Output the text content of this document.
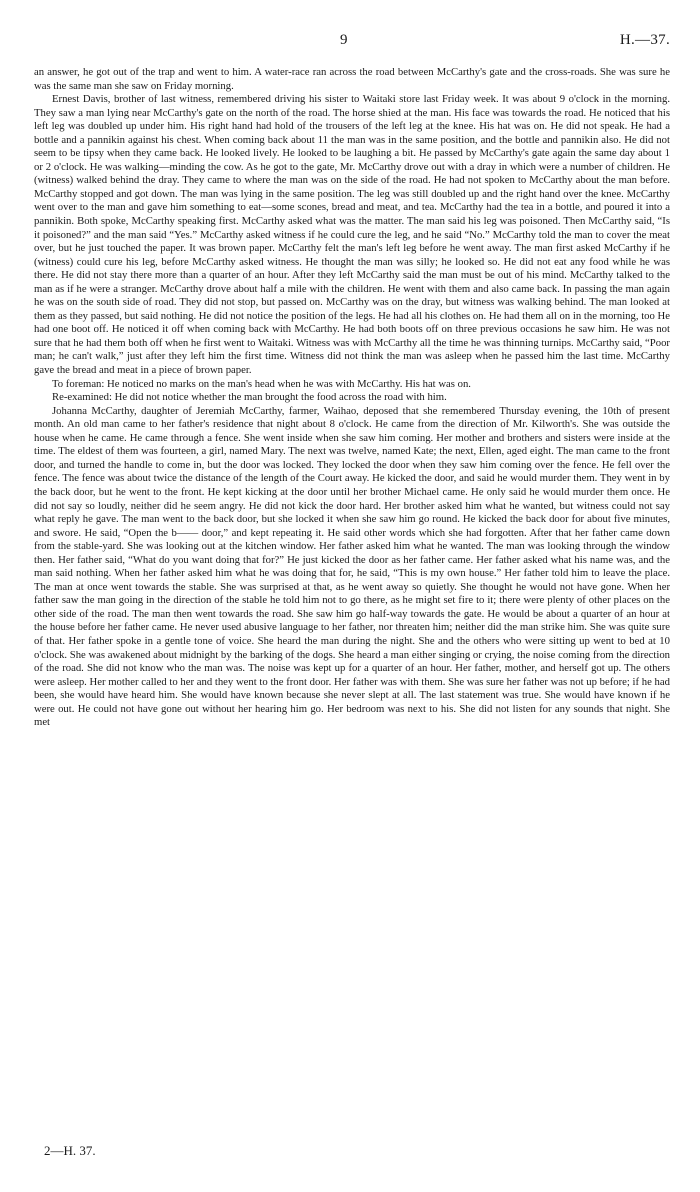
9	H.—37.

an answer, he got out of the trap and went to him. A water-race ran across the road between McCarthy's gate and the cross-roads. She was sure he was the same man she saw on Friday morning.

Ernest Davis, brother of last witness, remembered driving his sister to Waitaki store last Friday week. It was about 9 o'clock in the morning. They saw a man lying near McCarthy's gate on the north of the road. The horse shied at the man. His face was towards the road. He noticed that his left leg was doubled up under him. His right hand had hold of the trousers of the left leg at the knee. His hat was on. He did not speak. He had a bottle and a pannikin against his chest. When coming back about 11 the man was in the same position, and the bottle and pannikin also. He did not seem to be tipsy when they came back. He looked lively. He looked to be laughing a bit. He passed by McCarthy's gate again the same day about 1 or 2 o'clock. He was walking—minding the cow. As he got to the gate, Mr. McCarthy drove out with a dray in which were a number of children. He (witness) walked behind the dray. They came to where the man was on the side of the road. He had not spoken to McCarthy about the man before. McCarthy stopped and got down. The man was lying in the same position. The leg was still doubled up and the right hand over the knee. McCarthy went over to the man and gave him something to eat—some scones, bread and meat, and tea. McCarthy had the tea in a bottle, and poured it into a pannikin. Both spoke, McCarthy speaking first. McCarthy asked what was the matter. The man said his leg was poisoned. Then McCarthy said, “Is it poisoned?” and the man said “Yes.” McCarthy asked witness if he could cure the leg, and he said “No.” McCarthy told the man to cover the meat over, but he just touched the paper. It was brown paper. McCarthy felt the man's left leg before he went away. The man first asked McCarthy if he (witness) could cure his leg, before McCarthy asked witness. He thought the man was silly; he looked so. He did not eat any food while he was there. He did not stay there more than a quarter of an hour. After they left McCarthy said the man must be out of his mind. McCarthy talked to the man as if he were a stranger. McCarthy drove about half a mile with the children. He went with them and also came back. In passing the man again he was on the south side of road. They did not stop, but passed on. McCarthy was on the dray, but witness was walking behind. The man looked at them as they passed, but said nothing. He did not notice the position of the legs. He had all his clothes on. He had them all on in the morning, too He had one boot off. He noticed it off when coming back with McCarthy. He had both boots off on three previous occasions he saw him. He was not sure that he had them both off when he first went to Waitaki. Witness was with McCarthy all the time he was thinning turnips. McCarthy said, “Poor man; he can't walk,” just after they left him the first time. Witness did not think the man was asleep when he passed him the last time. McCarthy gave the bread and meat in a piece of brown paper.

To foreman: He noticed no marks on the man's head when he was with McCarthy. His hat was on.

Re-examined: He did not notice whether the man brought the food across the road with him.

Johanna McCarthy, daughter of Jeremiah McCarthy, farmer, Waihao, deposed that she remembered Thursday evening, the 10th of present month. An old man came to her father's residence that night about 8 o'clock. He came from the direction of Mr. Kilworth's. She was outside the house when he came. He came through a fence. She went inside when she saw him coming. Her mother and brothers and sisters were inside at the time. The eldest of them was fourteen, a girl, named Mary. The next was twelve, named Kate; the next, Ellen, aged eight. The man came to the front door, and turned the handle to come in, but the door was locked. They locked the door when they saw him coming over the fence. He fell over the fence. The fence was about twice the distance of the length of the Court away. He kicked the door, and said he would murder them. They went in by the back door, but he went to the front. He kept kicking at the door until her brother Michael came. He only said he would murder them once. He did not say so loudly, neither did he seem angry. He did not kick the door hard. Her brother asked him what he wanted, but witness could not say what reply he gave. The man went to the back door, but she locked it when she saw him go round. He kicked the back door for about five minutes, and swore. He said, “Open the b—— door,” and kept repeating it. He said other words which she had forgotten. After that her father came down from the stable-yard. She was looking out at the kitchen window. Her father asked him what he wanted. The man was looking through the window then. Her father said, “What do you want doing that for?” He just kicked the door as her father came. Her father asked what his name was, and the man said nothing. When her father asked him what he was doing that for, he said, “This is my own house.” Her father told him to leave the place. The man at once went towards the stable. She was surprised at that, as he went away so quietly. She thought he would not have gone. When her father saw the man going in the direction of the stable he told him not to go there, as he might set fire to it; there were plenty of other places on the other side of the road. The man then went towards the road. She saw him go half-way towards the gate. He would be about a quarter of an hour at the house before her father came. He never used abusive language to her father, nor threaten him; neither did the man strike him. She was quite sure of that. Her father spoke in a gentle tone of voice. She heard the man during the night. She and the others who were sitting up went to bed at 10 o'clock. She was awakened about midnight by the barking of the dogs. She heard a man either singing or crying, the noise coming from the direction of the road. She did not know who the man was. The noise was kept up for a quarter of an hour. Her father, mother, and herself got up. The others were asleep. Her mother called to her and they went to the front door. Her father was with them. She was sure her father was not up before; if he had been, she would have heard him. She would have known because she never slept at all. The last statement was true. She would have known if he were out. He could not have gone out without her hearing him go. Her bedroom was next to his. She did not listen for any sounds that night. She met

2—H. 37.
